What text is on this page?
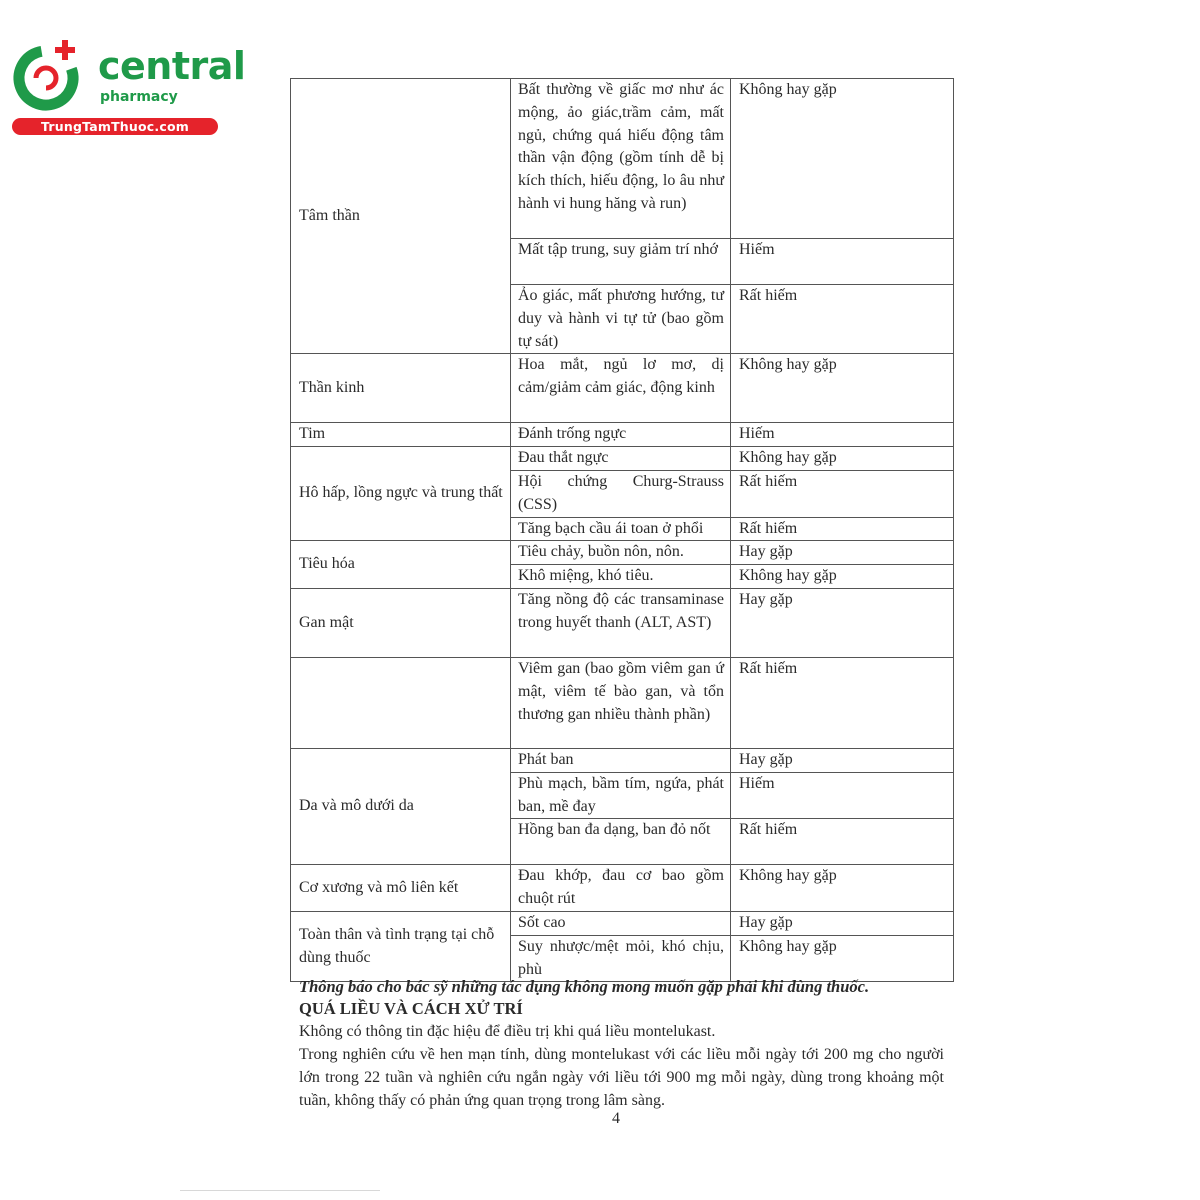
central
pharmacy
TrungTamThuoc.com
Tâm thần	Bất thường về giấc mơ như ác mộng, ảo giác,trầm cảm, mất ngủ, chứng quá hiếu động tâm thần vận động (gồm tính dễ bị kích thích, hiếu động, lo âu như hành vi hung hăng và run)	Không hay gặp
	Mất tập trung, suy giảm trí nhớ	Hiếm
	Ảo giác, mất phương hướng, tư duy và hành vi tự tử (bao gồm tự sát)	Rất hiếm
Thần kinh	Hoa mắt, ngủ lơ mơ, dị cảm/giảm cảm giác, động kinh	Không hay gặp
Tim	Đánh trống ngực	Hiếm
Hô hấp, lồng ngực và trung thất	Đau thắt ngực	Không hay gặp
	Hội chứng Churg-Strauss (CSS)	Rất hiếm
	Tăng bạch cầu ái toan ở phổi	Rất hiếm
Tiêu hóa	Tiêu chảy, buồn nôn, nôn.	Hay gặp
	Khô miệng, khó tiêu.	Không hay gặp
Gan mật	Tăng nồng độ các transaminase trong huyết thanh (ALT, AST)	Hay gặp
	Viêm gan (bao gồm viêm gan ứ mật, viêm tế bào gan, và tổn thương gan nhiều thành phần)	Rất hiếm
Da và mô dưới da	Phát ban	Hay gặp
	Phù mạch, bầm tím, ngứa, phát ban, mề đay	Hiếm
	Hồng ban đa dạng, ban đỏ nốt	Rất hiếm
Cơ xương và mô liên kết	Đau khớp, đau cơ bao gồm chuột rút	Không hay gặp
Toàn thân và tình trạng tại chỗ dùng thuốc	Sốt cao	Hay gặp
	Suy nhược/mệt mỏi, khó chịu, phù	Không hay gặp
Thông báo cho bác sỹ những tác dụng không mong muốn gặp phải khi dùng thuốc.
QUÁ LIỀU VÀ CÁCH XỬ TRÍ
Không có thông tin đặc hiệu để điều trị khi quá liều montelukast.
Trong nghiên cứu về hen mạn tính, dùng montelukast với các liều mỗi ngày tới 200 mg cho người lớn trong 22 tuần và nghiên cứu ngắn ngày với liều tới 900 mg mỗi ngày, dùng trong khoảng một tuần, không thấy có phản ứng quan trọng trong lâm sàng.
4
